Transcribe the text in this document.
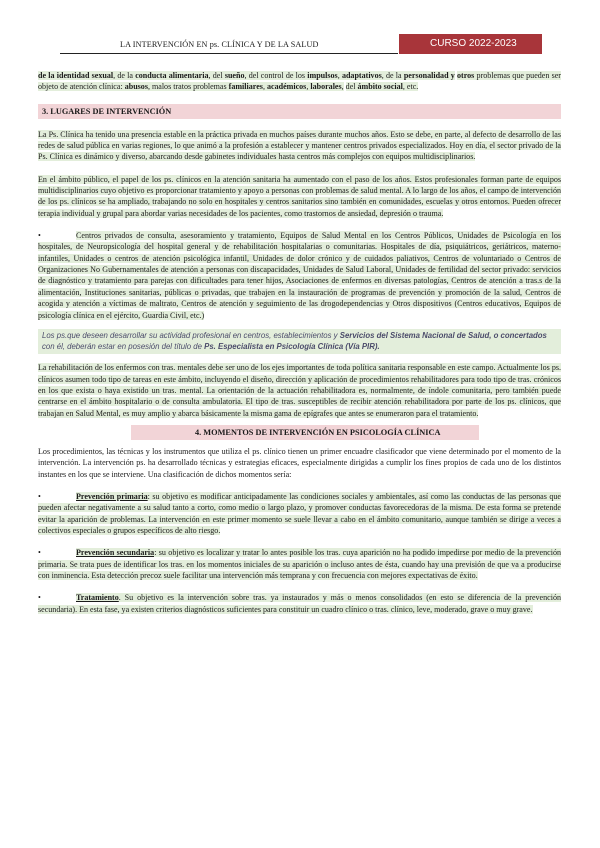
LA INTERVENCIÓN EN ps. CLÍNICA Y DE LA SALUD	CURSO 2022-2023
de la identidad sexual, de la conducta alimentaria, del sueño, del control de los impulsos, adaptativos, de la personalidad y otros problemas que pueden ser objeto de atención clínica: abusos, malos tratos problemas familiares, académicos, laborales, del ámbito social, etc.
3. LUGARES DE INTERVENCIÓN
La Ps. Clínica ha tenido una presencia estable en la práctica privada en muchos países durante muchos años. Esto se debe, en parte, al defecto de desarrollo de las redes de salud pública en varias regiones, lo que animó a la profesión a establecer y mantener centros privados especializados. Hoy en día, el sector privado de la Ps. Clínica es dinámico y diverso, abarcando desde gabinetes individuales hasta centros más complejos con equipos multidisciplinarios.
En el ámbito público, el papel de los ps. clínicos en la atención sanitaria ha aumentado con el paso de los años. Estos profesionales forman parte de equipos multidisciplinarios cuyo objetivo es proporcionar tratamiento y apoyo a personas con problemas de salud mental. A lo largo de los años, el campo de intervención de los ps. clínicos se ha ampliado, trabajando no solo en hospitales y centros sanitarios sino también en comunidades, escuelas y otros entornos. Pueden ofrecer terapia individual y grupal para abordar varias necesidades de los pacientes, como trastornos de ansiedad, depresión o trauma.
•	Centros privados de consulta, asesoramiento y tratamiento, Equipos de Salud Mental en los Centros Públicos, Unidades de Psicología en los hospitales, de Neuropsicología del hospital general y de rehabilitación hospitalarias o comunitarias. Hospitales de día, psiquiátricos, geriátricos, materno-infantiles, Unidades o centros de atención psicológica infantil, Unidades de dolor crónico y de cuidados paliativos, Centros de voluntariado o Centros de Organizaciones No Gubernamentales de atención a personas con discapacidades, Unidades de Salud Laboral, Unidades de fertilidad del sector privado: servicios de diagnóstico y tratamiento para parejas con dificultades para tener hijos, Asociaciones de enfermos en diversas patologías, Centros de atención a tras.s de la alimentación, Instituciones sanitarias, públicas o privadas, que trabajen en la instauración de programas de prevención y promoción de la salud, Centros de acogida y atención a víctimas de maltrato, Centros de atención y seguimiento de las drogodependencias y Otros dispositivos (Centros educativos, Equipos de psicología clínica en el ejército, Guardia Civil, etc.)
Los ps.que deseen desarrollar su actividad profesional en centros, establecimientos y Servicios del Sistema Nacional de Salud, o concertados con él, deberán estar en posesión del título de Ps. Especialista en Psicología Clínica (Vía PIR).
La rehabilitación de los enfermos con tras. mentales debe ser uno de los ejes importantes de toda política sanitaria responsable en este campo. Actualmente los ps. clínicos asumen todo tipo de tareas en este ámbito, incluyendo el diseño, dirección y aplicación de procedimientos rehabilitadores para todo tipo de tras. crónicos en los que exista o haya existido un tras. mental. La orientación de la actuación rehabilitadora es, normalmente, de índole comunitaria, pero también puede centrarse en el ámbito hospitalario o de consulta ambulatoria. El tipo de tras. susceptibles de recibir atención rehabilitadora por parte de los ps. clínicos, que trabajan en Salud Mental, es muy amplio y abarca básicamente la misma gama de epígrafes que antes se enumeraron para el tratamiento.
4. MOMENTOS DE INTERVENCIÓN EN PSICOLOGÍA CLÍNICA
Los procedimientos, las técnicas y los instrumentos que utiliza el ps. clínico tienen un primer encuadre clasificador que viene determinado por el momento de la intervención. La intervención ps. ha desarrollado técnicas y estrategias eficaces, especialmente dirigidas a cumplir los fines propios de cada uno de los distintos instantes en los que se interviene. Una clasificación de dichos momentos sería:
•	Prevención primaria: su objetivo es modificar anticipadamente las condiciones sociales y ambientales, así como las conductas de las personas que pueden afectar negativamente a su salud tanto a corto, como medio o largo plazo, y promover conductas favorecedoras de la misma. De esta forma se pretende evitar la aparición de problemas. La intervención en este primer momento se suele llevar a cabo en el ámbito comunitario, aunque también se dirige a veces a colectivos especiales o grupos específicos de alto riesgo.
•	Prevención secundaria: su objetivo es localizar y tratar lo antes posible los tras. cuya aparición no ha podido impedirse por medio de la prevención primaria. Se trata pues de identificar los tras. en los momentos iniciales de su aparición o incluso antes de ésta, cuando hay una previsión de que va a producirse con inminencia. Esta detección precoz suele facilitar una intervención más temprana y con frecuencia con mejores expectativas de éxito.
•	Tratamiento. Su objetivo es la intervención sobre tras. ya instaurados y más o menos consolidados (en esto se diferencia de la prevención secundaria). En esta fase, ya existen criterios diagnósticos suficientes para constituir un cuadro clínico o tras. clínico, leve, moderado, grave o muy grave.
